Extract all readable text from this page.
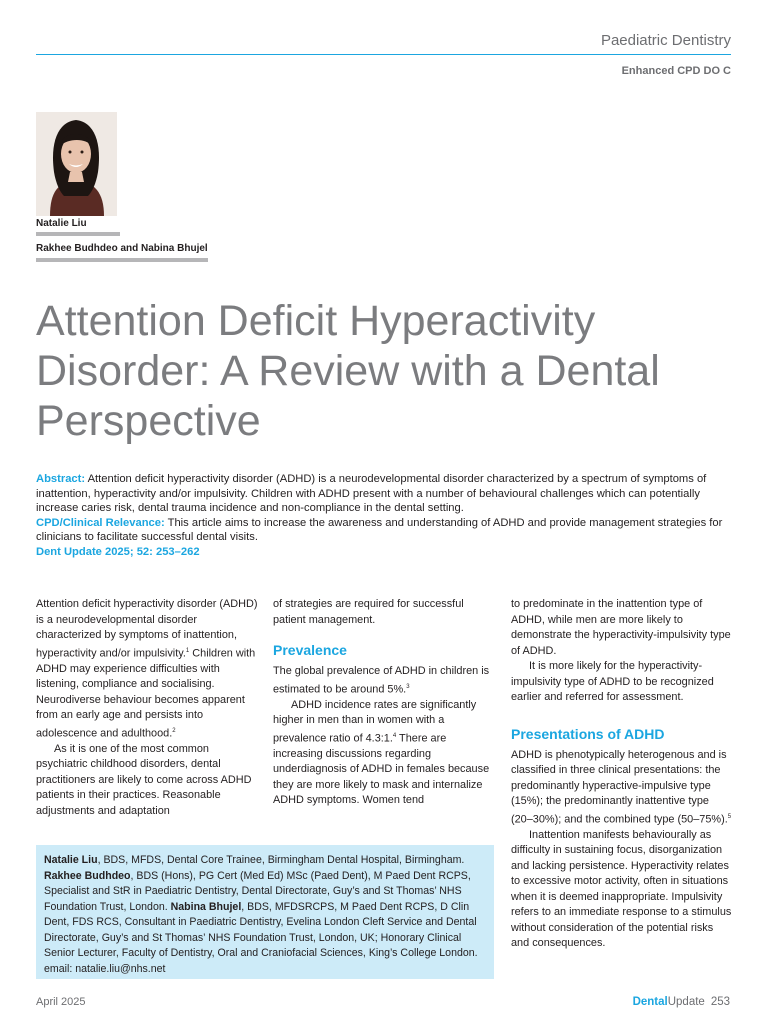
Paediatric Dentistry
Enhanced CPD DO C
Natalie Liu
Rakhee Budhdeo and Nabina Bhujel
Attention Deficit Hyperactivity Disorder: A Review with a Dental Perspective
Abstract: Attention deficit hyperactivity disorder (ADHD) is a neurodevelopmental disorder characterized by a spectrum of symptoms of inattention, hyperactivity and/or impulsivity. Children with ADHD present with a number of behavioural challenges which can potentially increase caries risk, dental trauma incidence and non-compliance in the dental setting.
CPD/Clinical Relevance: This article aims to increase the awareness and understanding of ADHD and provide management strategies for clinicians to facilitate successful dental visits.
Dent Update 2025; 52: 253–262

Attention deficit hyperactivity disorder (ADHD) is a neurodevelopmental disorder characterized by symptoms of inattention, hyperactivity and/or impulsivity.$^1$ Children with ADHD may experience difficulties with listening, compliance and socialising. Neurodiverse behaviour becomes apparent from an early age and persists into adolescence and adulthood.$^2$

As it is one of the most common psychiatric childhood disorders, dental practitioners are likely to come across ADHD patients in their practices. Reasonable adjustments and adaptation

of strategies are required for successful patient management.

Prevalence

The global prevalence of ADHD in children is estimated to be around 5%.$^3$

ADHD incidence rates are significantly higher in men than in women with a prevalence ratio of 4.3:1.$^4$ There are increasing discussions regarding underdiagnosis of ADHD in females because they are more likely to mask and internalize ADHD symptoms. Women tend

to predominate in the inattention type of ADHD, while men are more likely to demonstrate the hyperactivity-impulsivity type of ADHD.

It is more likely for the hyperactivity-impulsivity type of ADHD to be recognized earlier and referred for assessment.

Presentations of ADHD

ADHD is phenotypically heterogenous and is classified in three clinical presentations: the predominantly hyperactive-impulsive type (15%); the predominantly inattentive type (20–30%); and the combined type (50–75%).$^5$

Inattention manifests behaviourally as difficulty in sustaining focus, disorganization and lacking persistence. Hyperactivity relates to excessive motor activity, often in situations when it is deemed inappropriate. Impulsivity refers to an immediate response to a stimulus without consideration of the potential risks and consequences.

Natalie Liu, BDS, MFDS, Dental Core Trainee, Birmingham Dental Hospital, Birmingham. Rakhee Budhdeo, BDS (Hons), PG Cert (Med Ed) MSc (Paed Dent), M Paed Dent RCPS, Specialist and StR in Paediatric Dentistry, Dental Directorate, Guy’s and St Thomas’ NHS Foundation Trust, London. Nabina Bhujel, BDS, MFDSRCPS, M Paed Dent RCPS, D Clin Dent, FDS RCS, Consultant in Paediatric Dentistry, Evelina London Cleft Service and Dental Directorate, Guy’s and St Thomas’ NHS Foundation Trust, London, UK; Honorary Clinical Senior Lecturer, Faculty of Dentistry, Oral and Craniofacial Sciences, King’s College London. email: natalie.liu@nhs.net
April 2025	DentalUpdate 253
